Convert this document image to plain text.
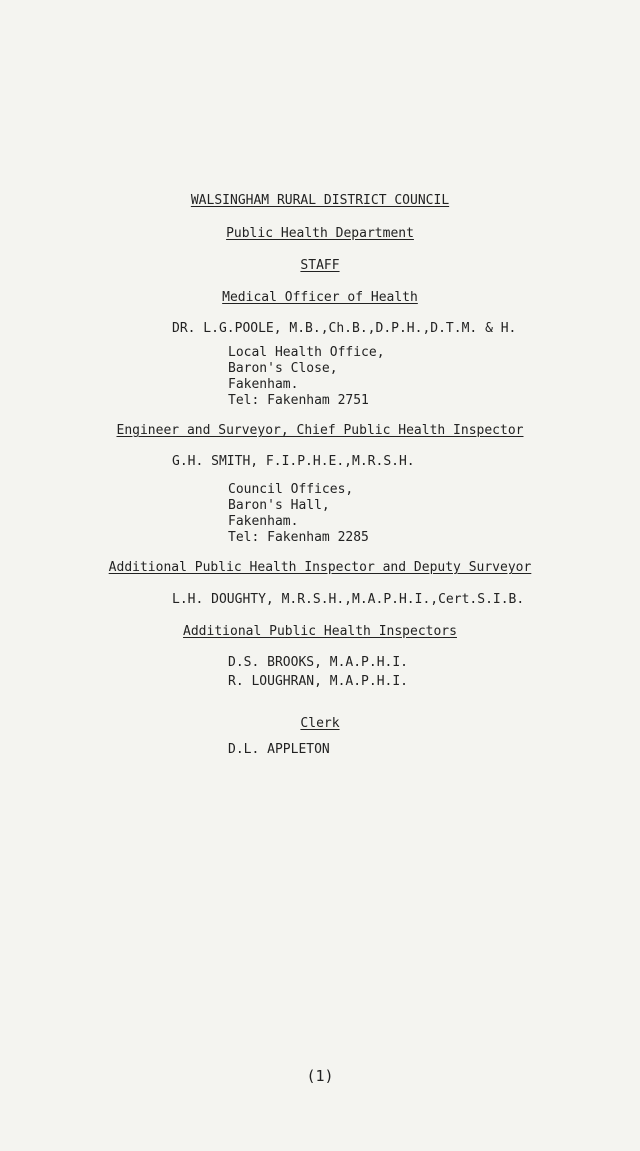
WALSINGHAM RURAL DISTRICT COUNCIL
Public Health Department
STAFF
Medical Officer of Health
DR. L.G.POOLE, M.B.,Ch.B.,D.P.H.,D.T.M. & H.
Local Health Office,
Baron's Close,
Fakenham.
Tel: Fakenham 2751
Engineer and Surveyor, Chief Public Health Inspector
G.H. SMITH, F.I.P.H.E.,M.R.S.H.
Council Offices,
Baron's Hall,
Fakenham.
Tel: Fakenham 2285
Additional Public Health Inspector and Deputy Surveyor
L.H. DOUGHTY, M.R.S.H.,M.A.P.H.I.,Cert.S.I.B.
Additional Public Health Inspectors
D.S. BROOKS, M.A.P.H.I.
R. LOUGHRAN, M.A.P.H.I.
Clerk
D.L. APPLETON
(1)
